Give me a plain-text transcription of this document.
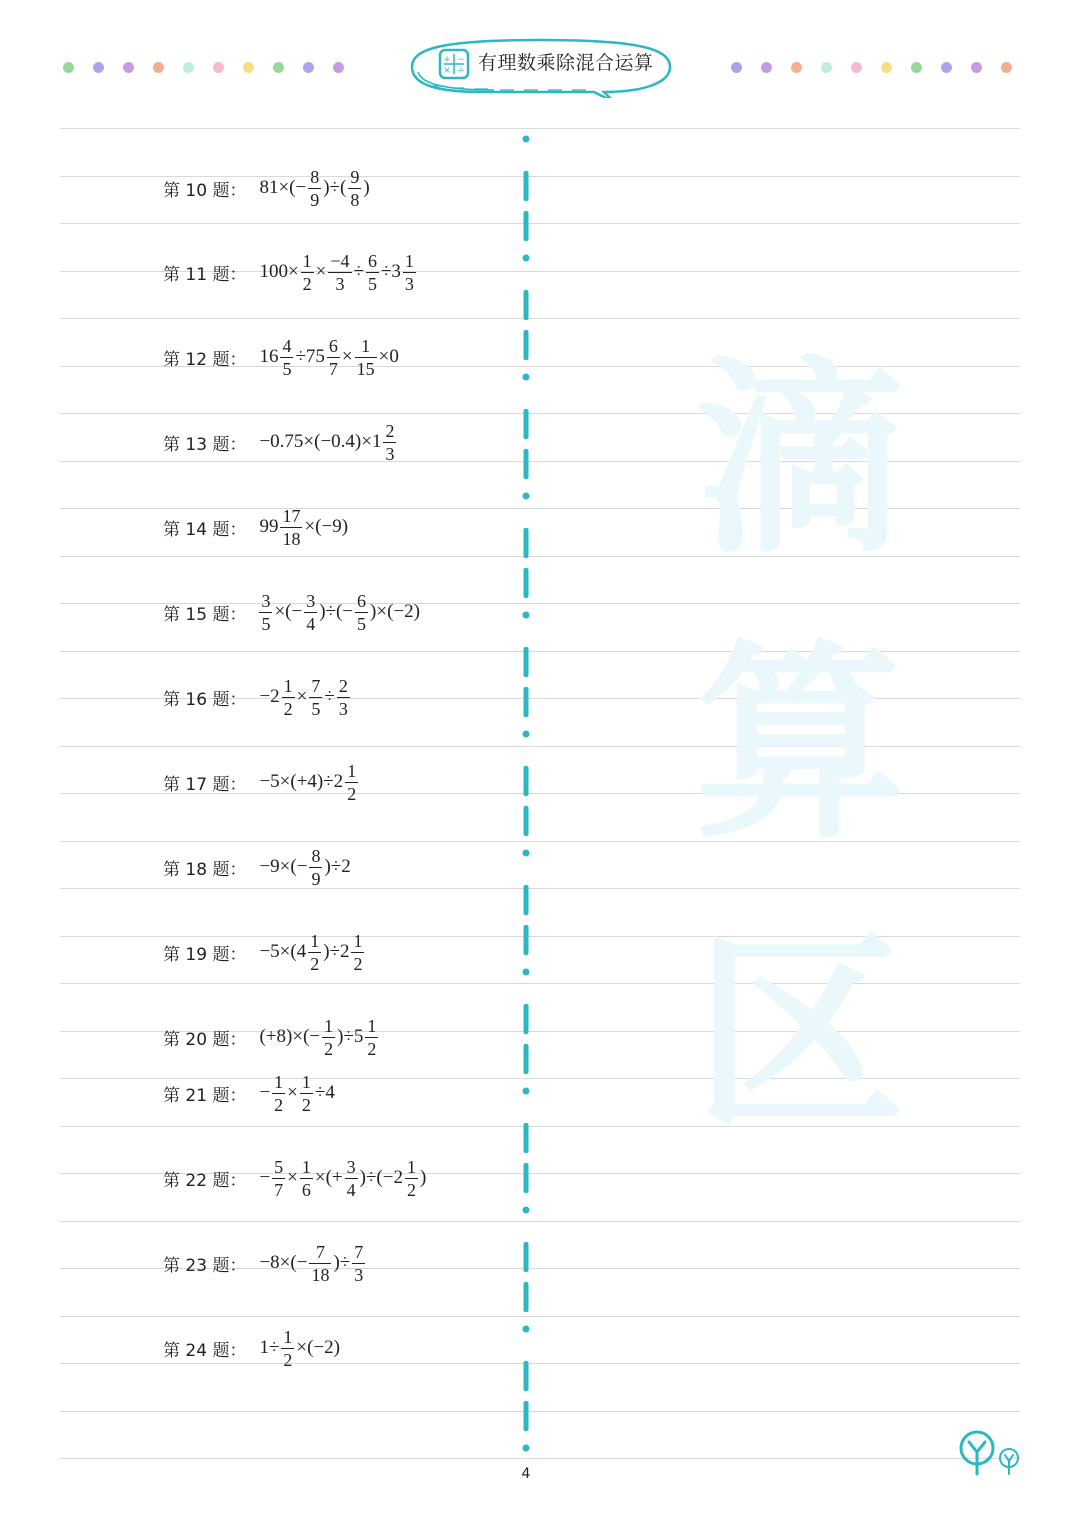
+ −
× ÷ 有理数乘除混合运算
滴
算
区
第 10 题： $81\times(- \frac{8}{9}$ )÷( $\frac{9}{8}$ )
第 11 题： $100\times \frac{1}{2} \times \frac{-4}{3} \div \frac{6}{5} \div 3 \frac{1}{3}$
第 12 题： $16 \frac{4}{5} \div 75 \frac{6}{7} \times \frac{1}{15} \times 0$
第 13 题： $-0.75\times(-0.4)\times 1 \frac{2}{3}$
第 14 题： $99 \frac{17}{18} \times(-9)$
第 15 题： $\frac{3}{5}$ ×(− $\frac{3}{4}$ )÷(− $\frac{6}{5} )\times(-2)$
第 16 题： $-2 \frac{1}{2} \times \frac{7}{5} \div \frac{2}{3}$
第 17 题： $-5\times(+4)\div 2 \frac{1}{2}$
第 18 题： $-9\times(- \frac{8}{9} )\div 2$
第 19 题： $-5\times(4 \frac{1}{2} )\div 2 \frac{1}{2}$
第 20 题： $(+8)\times(- \frac{1}{2} )\div 5 \frac{1}{2}$
第 21 题： − $\frac{1}{2} \times \frac{1}{2} \div 4$
第 22 题： − $\frac{5}{7} \times \frac{1}{6}$ ×(+ $\frac{3}{4} )\div(-2 \frac{1}{2}$ )
第 23 题： $-8\times(- \frac{7}{18}$ )÷ $\frac{7}{3}$
第 24 题： $1\div \frac{1}{2} \times(-2)$
4
